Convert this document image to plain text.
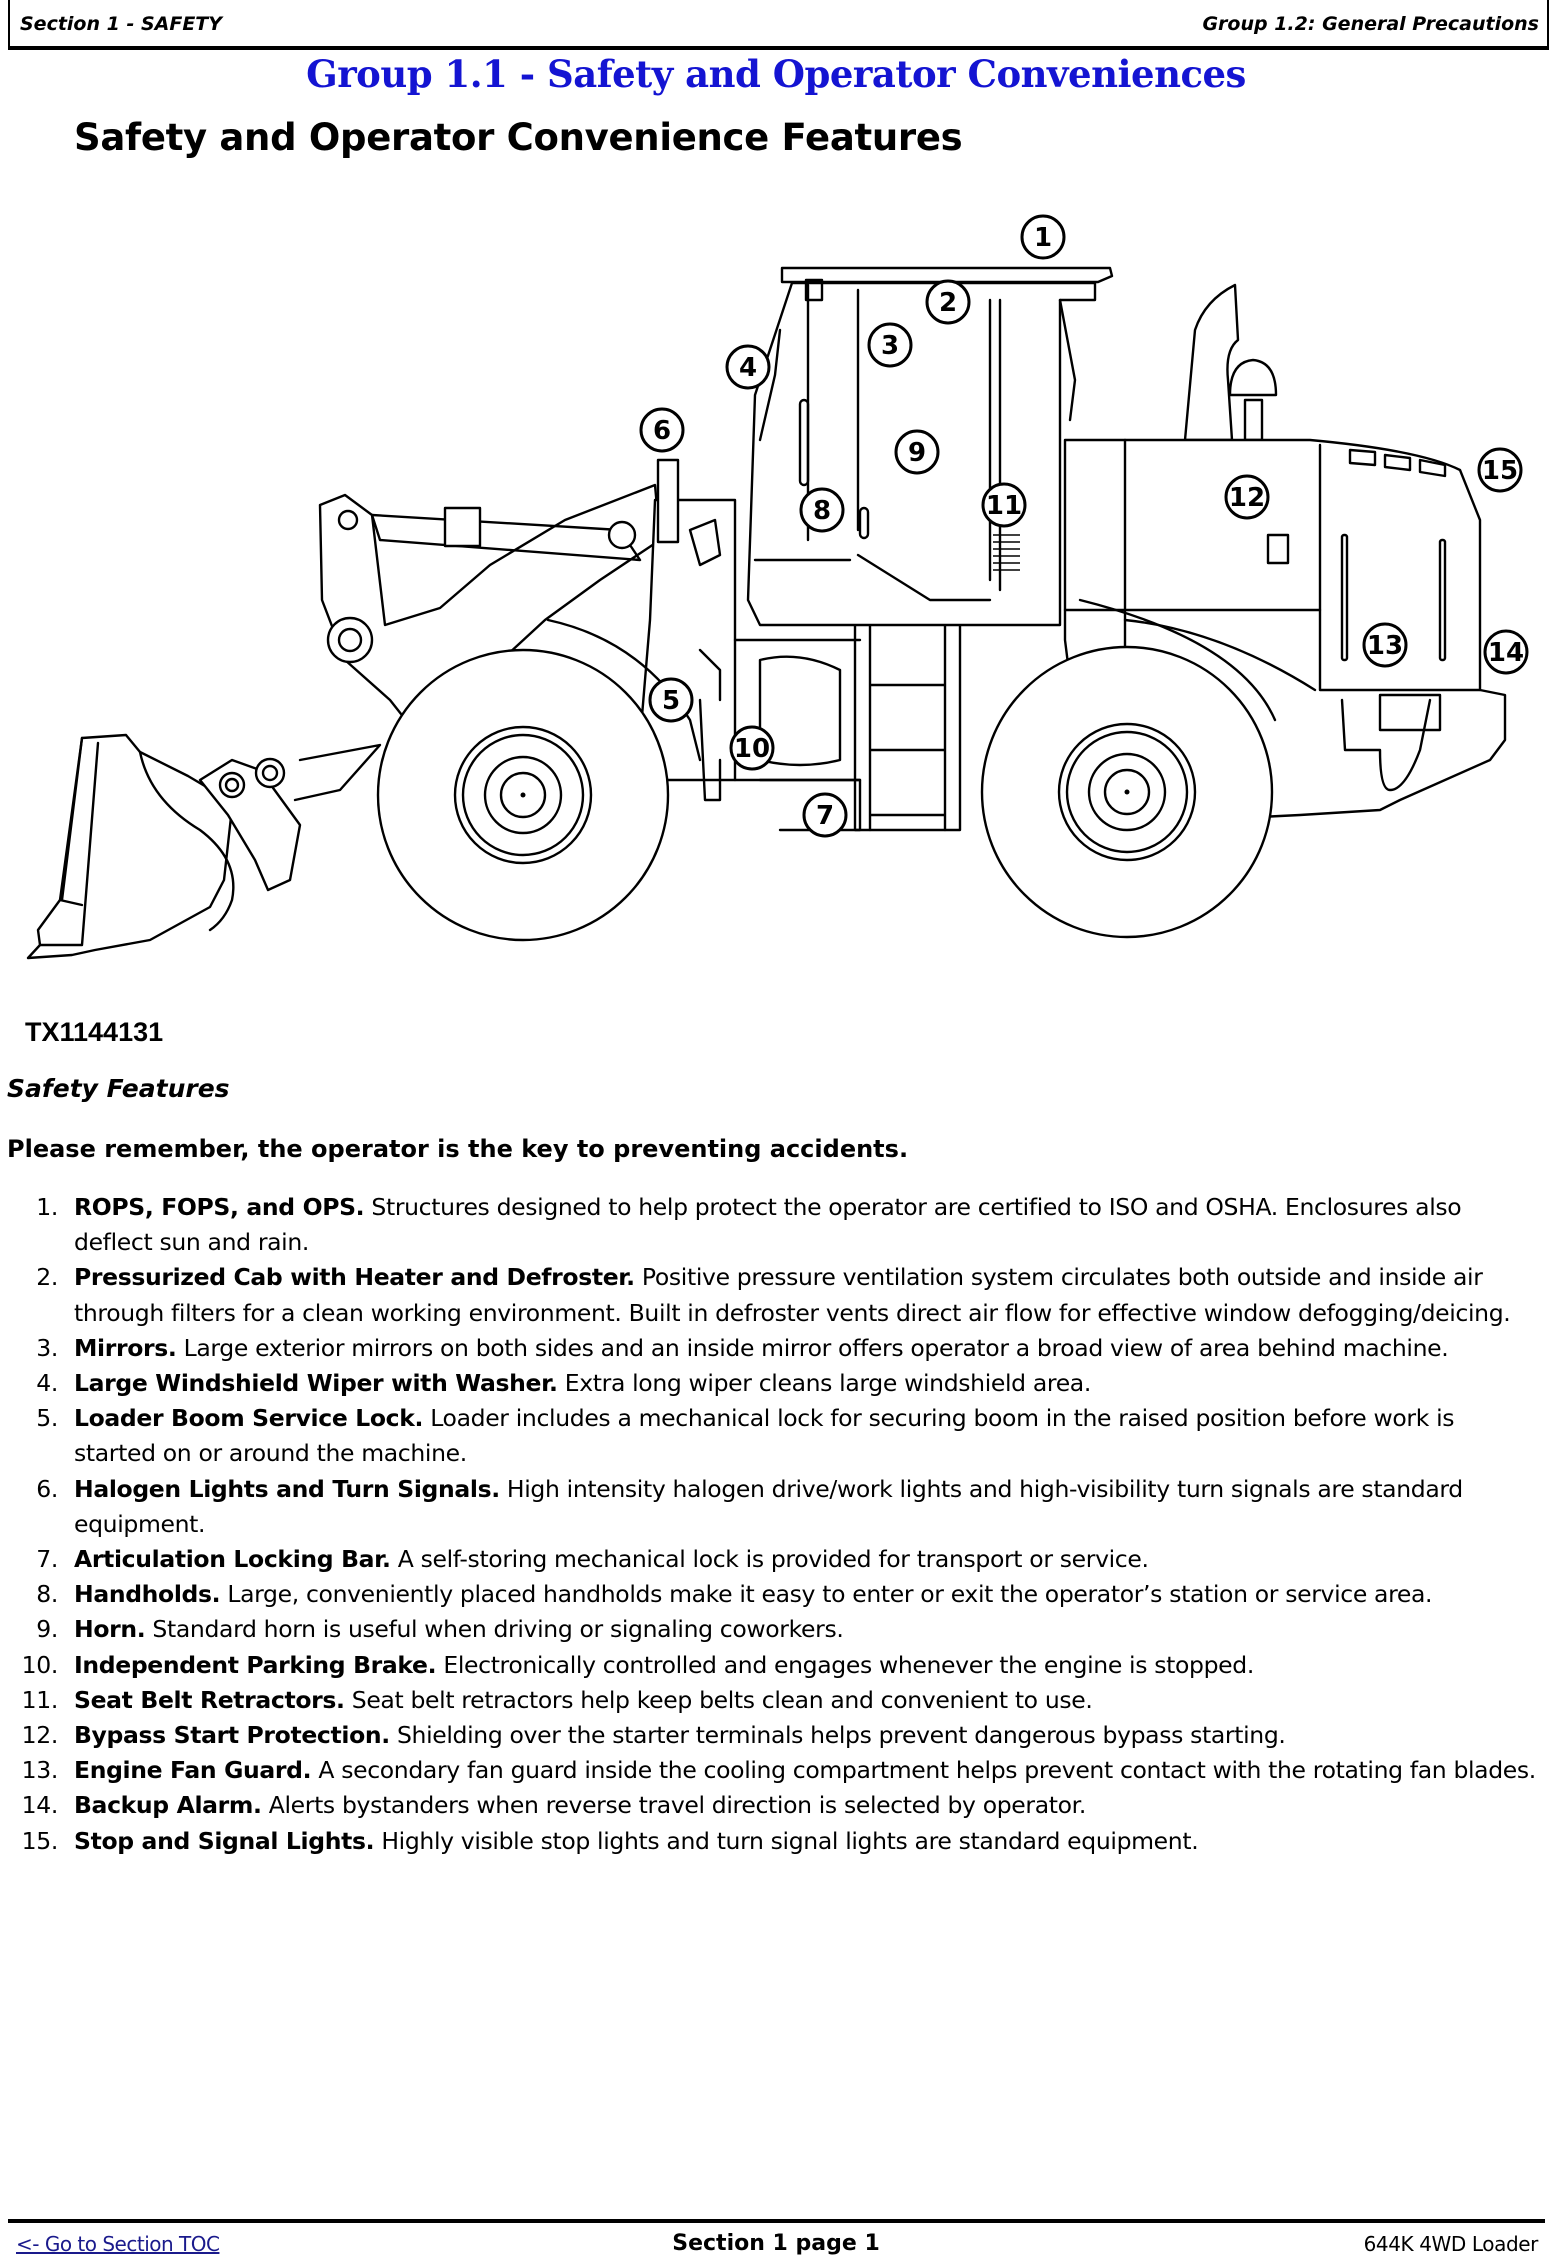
Section 1 - SAFETY	Group 1.2: General Precautions
Group 1.1 - Safety and Operator Conveniences
Safety and Operator Convenience Features
1
2
3
4
5
6
7
8
9
10
11	12
13	14
15
TX1144131
Safety Features
Please remember, the operator is the key to preventing accidents.
1. ROPS, FOPS, and OPS. Structures designed to help protect the operator are certified to ISO and OSHA. Enclosures also deflect sun and rain.
2. Pressurized Cab with Heater and Defroster. Positive pressure ventilation system circulates both outside and inside air through filters for a clean working environment. Built in defroster vents direct air flow for effective window defogging/deicing.
3. Mirrors. Large exterior mirrors on both sides and an inside mirror offers operator a broad view of area behind machine.
4. Large Windshield Wiper with Washer. Extra long wiper cleans large windshield area.
5. Loader Boom Service Lock. Loader includes a mechanical lock for securing boom in the raised position before work is started on or around the machine.
6. Halogen Lights and Turn Signals. High intensity halogen drive/work lights and high-visibility turn signals are standard equipment.
7. Articulation Locking Bar. A self-storing mechanical lock is provided for transport or service.
8. Handholds. Large, conveniently placed handholds make it easy to enter or exit the operator’s station or service area.
9. Horn. Standard horn is useful when driving or signaling coworkers.
10. Independent Parking Brake. Electronically controlled and engages whenever the engine is stopped.
11. Seat Belt Retractors. Seat belt retractors help keep belts clean and convenient to use.
12. Bypass Start Protection. Shielding over the starter terminals helps prevent dangerous bypass starting.
13. Engine Fan Guard. A secondary fan guard inside the cooling compartment helps prevent contact with the rotating fan blades.
14. Backup Alarm. Alerts bystanders when reverse travel direction is selected by operator.
15. Stop and Signal Lights. Highly visible stop lights and turn signal lights are standard equipment.
<- Go to Section TOC	Section 1 page 1	644K 4WD Loader
